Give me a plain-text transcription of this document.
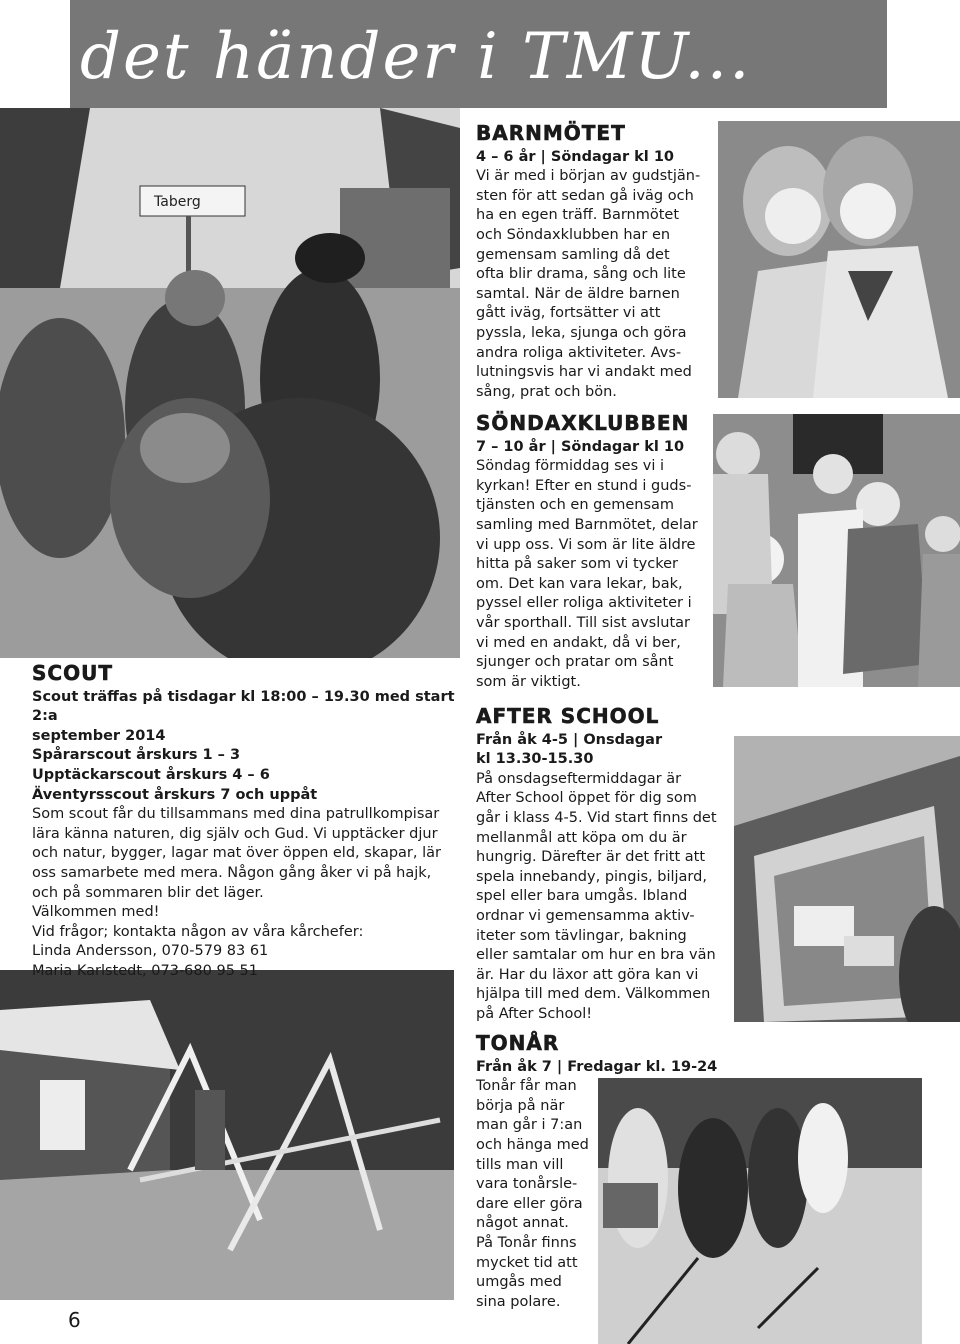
det händer i TMU...
Taberg
BARNMÖTET
4 – 6 år | Söndagar kl 10
Vi är med i början av gudstjän-
sten för att sedan gå iväg och
ha en egen träff. Barnmötet
och Söndaxklubben har en
gemensam samling då det
ofta blir drama, sång och lite
samtal. När de äldre barnen
gått iväg, fortsätter vi att
pyssla, leka, sjunga och göra
andra roliga aktiviteter. Avs-
lutningsvis har vi andakt med
sång, prat och bön.
SÖNDAXKLUBBEN
7 – 10 år | Söndagar kl 10
Söndag förmiddag ses vi i
kyrkan! Efter en stund i guds-
tjänsten och en gemensam
samling med Barnmötet, delar
vi upp oss. Vi som är lite äldre
hitta på saker som vi tycker
om. Det kan vara lekar, bak,
pyssel eller roliga aktiviteter i
vår sporthall. Till sist avslutar
vi med en andakt, då vi ber,
sjunger och pratar om sånt
som är viktigt.
SCOUT
Scout träffas på tisdagar kl 18:00 – 19.30 med start 2:a
september 2014
Spårarscout årskurs 1 – 3
Upptäckarscout årskurs 4 – 6
Äventyrsscout årskurs 7 och uppåt
Som scout får du tillsammans med dina patrullkompisar
lära känna naturen, dig själv och Gud. Vi upptäcker djur
och natur, bygger, lagar mat över öppen eld, skapar, lär
oss samarbete med mera. Någon gång åker vi på hajk,
och på sommaren blir det läger.
Välkommen med!
Vid frågor; kontakta någon av våra kårchefer:
Linda Andersson, 070-579 83 61
Maria Karlstedt, 073-680 95 51
AFTER SCHOOL
Från åk 4-5 | Onsdagar
kl 13.30-15.30
På onsdagseftermiddagar är
After School öppet för dig som
går i klass 4-5. Vid start finns det
mellanmål att köpa om du är
hungrig. Därefter är det fritt att
spela innebandy, pingis, biljard,
spel eller bara umgås. Ibland
ordnar vi gemensamma aktiv-
iteter som tävlingar, bakning
eller samtalar om hur en bra vän
är. Har du läxor att göra kan vi
hjälpa till med dem. Välkommen
på After School!
TONÅR
Från åk 7 | Fredagar kl. 19-24
Tonår får man
börja på när
man går i 7:an
och hänga med
tills man vill
vara tonårsle-
dare eller göra
något annat.
På Tonår finns
mycket tid att
umgås med
sina polare.
6
